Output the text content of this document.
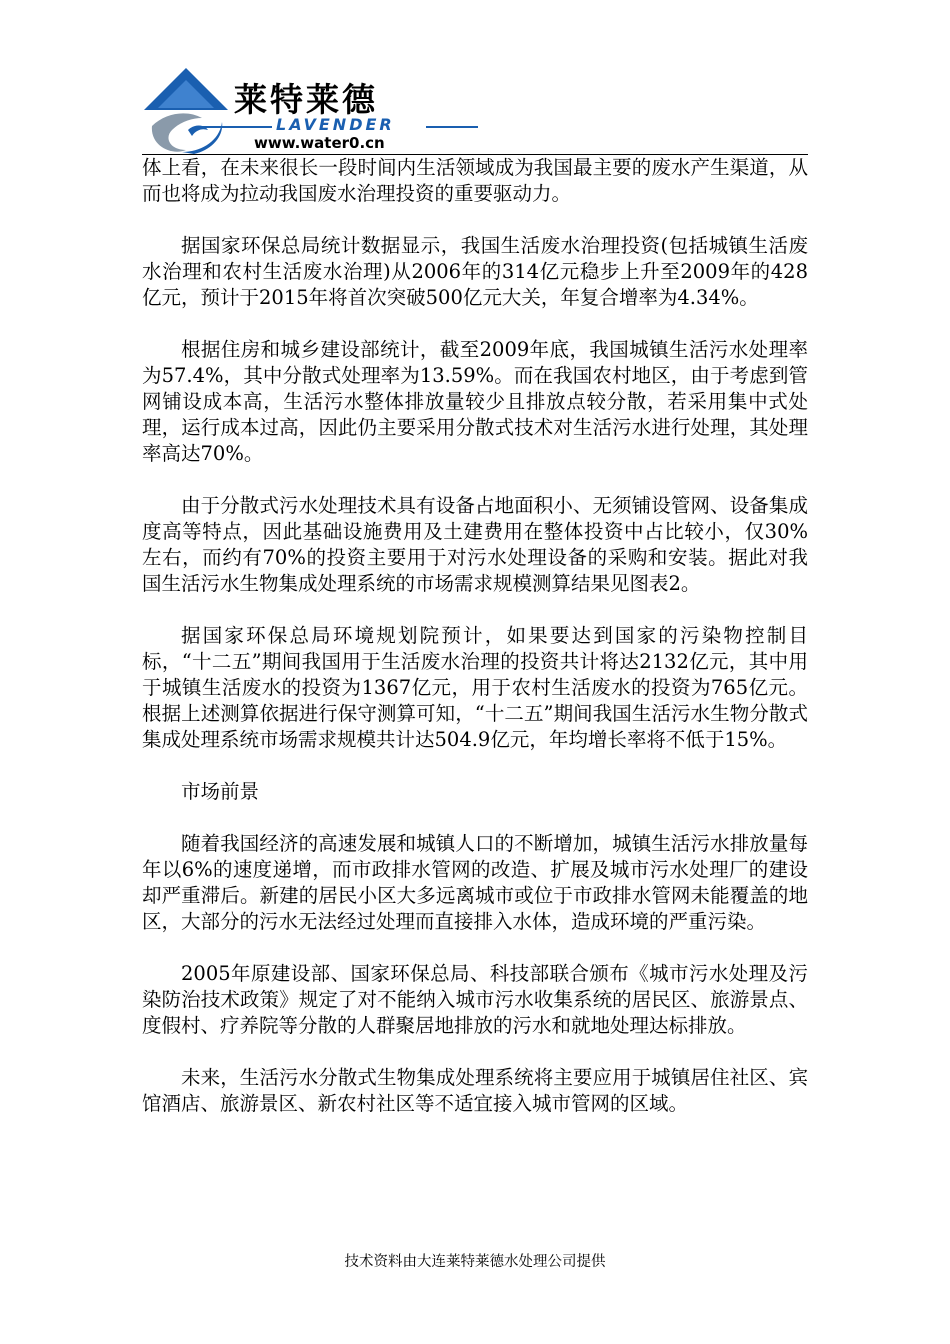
莱特莱德
LAVENDER
www.water0.cn

体上看，在未来很长一段时间内生活领域成为我国最主要的废水产生渠道，从而也将成为拉动我国废水治理投资的重要驱动力。

据国家环保总局统计数据显示，我国生活废水治理投资(包括城镇生活废水治理和农村生活废水治理)从2006年的314亿元稳步上升至2009年的428亿元，预计于2015年将首次突破500亿元大关，年复合增率为4.34%。

根据住房和城乡建设部统计，截至2009年底，我国城镇生活污水处理率为57.4%，其中分散式处理率为13.59%。而在我国农村地区，由于考虑到管网铺设成本高，生活污水整体排放量较少且排放点较分散，若采用集中式处理，运行成本过高，因此仍主要采用分散式技术对生活污水进行处理，其处理率高达70%。

由于分散式污水处理技术具有设备占地面积小、无须铺设管网、设备集成度高等特点，因此基础设施费用及土建费用在整体投资中占比较小，仅30%左右，而约有70%的投资主要用于对污水处理设备的采购和安装。据此对我国生活污水生物集成处理系统的市场需求规模测算结果见图表2。

据国家环保总局环境规划院预计，如果要达到国家的污染物控制目标，“十二五”期间我国用于生活废水治理的投资共计将达2132亿元，其中用于城镇生活废水的投资为1367亿元，用于农村生活废水的投资为765亿元。根据上述测算依据进行保守测算可知，“十二五”期间我国生活污水生物分散式集成处理系统市场需求规模共计达504.9亿元，年均增长率将不低于15%。

市场前景

随着我国经济的高速发展和城镇人口的不断增加，城镇生活污水排放量每年以6%的速度递增，而市政排水管网的改造、扩展及城市污水处理厂的建设却严重滞后。新建的居民小区大多远离城市或位于市政排水管网未能覆盖的地区，大部分的污水无法经过处理而直接排入水体，造成环境的严重污染。

2005年原建设部、国家环保总局、科技部联合颁布《城市污水处理及污染防治技术政策》规定了对不能纳入城市污水收集系统的居民区、旅游景点、度假村、疗养院等分散的人群聚居地排放的污水和就地处理达标排放。

未来，生活污水分散式生物集成处理系统将主要应用于城镇居住社区、宾馆酒店、旅游景区、新农村社区等不适宜接入城市管网的区域。

技术资料由大连莱特莱德水处理公司提供
